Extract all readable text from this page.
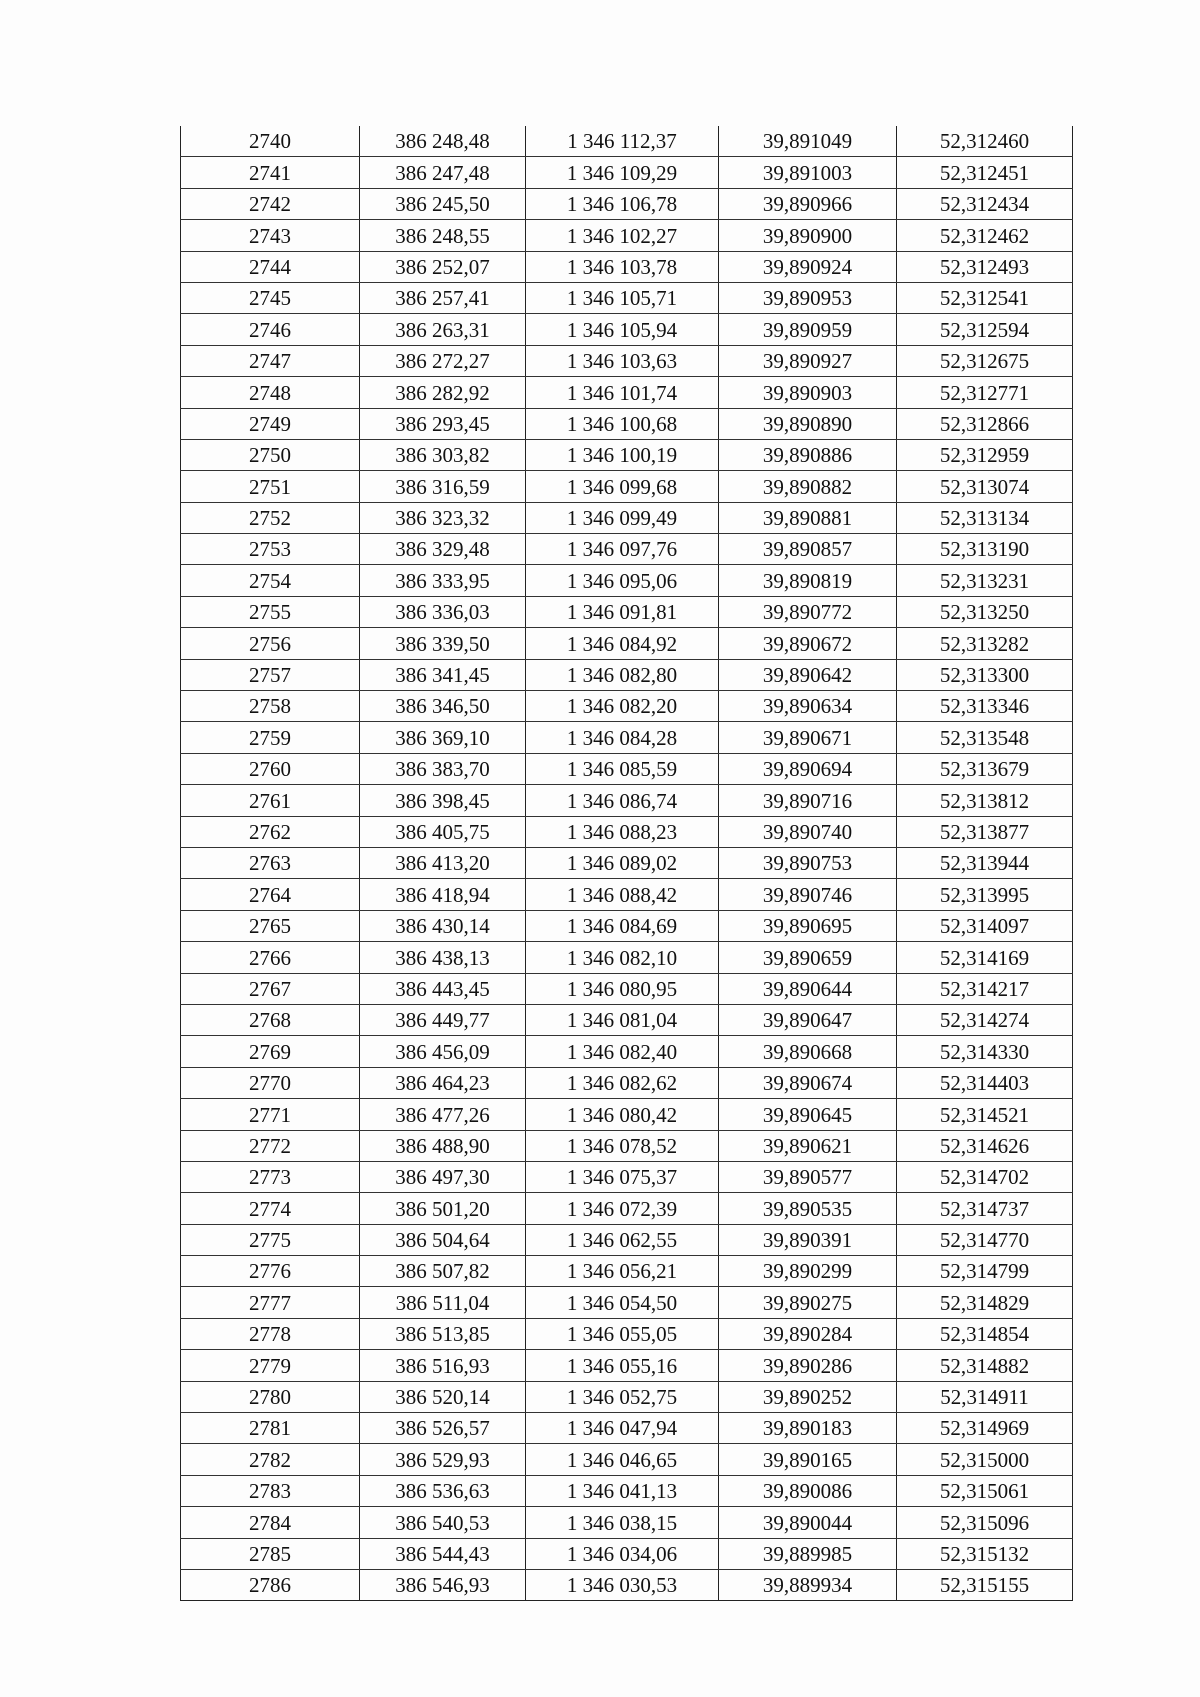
2740	386 248,48	1 346 112,37	39,891049	52,312460
2741	386 247,48	1 346 109,29	39,891003	52,312451
2742	386 245,50	1 346 106,78	39,890966	52,312434
2743	386 248,55	1 346 102,27	39,890900	52,312462
2744	386 252,07	1 346 103,78	39,890924	52,312493
2745	386 257,41	1 346 105,71	39,890953	52,312541
2746	386 263,31	1 346 105,94	39,890959	52,312594
2747	386 272,27	1 346 103,63	39,890927	52,312675
2748	386 282,92	1 346 101,74	39,890903	52,312771
2749	386 293,45	1 346 100,68	39,890890	52,312866
2750	386 303,82	1 346 100,19	39,890886	52,312959
2751	386 316,59	1 346 099,68	39,890882	52,313074
2752	386 323,32	1 346 099,49	39,890881	52,313134
2753	386 329,48	1 346 097,76	39,890857	52,313190
2754	386 333,95	1 346 095,06	39,890819	52,313231
2755	386 336,03	1 346 091,81	39,890772	52,313250
2756	386 339,50	1 346 084,92	39,890672	52,313282
2757	386 341,45	1 346 082,80	39,890642	52,313300
2758	386 346,50	1 346 082,20	39,890634	52,313346
2759	386 369,10	1 346 084,28	39,890671	52,313548
2760	386 383,70	1 346 085,59	39,890694	52,313679
2761	386 398,45	1 346 086,74	39,890716	52,313812
2762	386 405,75	1 346 088,23	39,890740	52,313877
2763	386 413,20	1 346 089,02	39,890753	52,313944
2764	386 418,94	1 346 088,42	39,890746	52,313995
2765	386 430,14	1 346 084,69	39,890695	52,314097
2766	386 438,13	1 346 082,10	39,890659	52,314169
2767	386 443,45	1 346 080,95	39,890644	52,314217
2768	386 449,77	1 346 081,04	39,890647	52,314274
2769	386 456,09	1 346 082,40	39,890668	52,314330
2770	386 464,23	1 346 082,62	39,890674	52,314403
2771	386 477,26	1 346 080,42	39,890645	52,314521
2772	386 488,90	1 346 078,52	39,890621	52,314626
2773	386 497,30	1 346 075,37	39,890577	52,314702
2774	386 501,20	1 346 072,39	39,890535	52,314737
2775	386 504,64	1 346 062,55	39,890391	52,314770
2776	386 507,82	1 346 056,21	39,890299	52,314799
2777	386 511,04	1 346 054,50	39,890275	52,314829
2778	386 513,85	1 346 055,05	39,890284	52,314854
2779	386 516,93	1 346 055,16	39,890286	52,314882
2780	386 520,14	1 346 052,75	39,890252	52,314911
2781	386 526,57	1 346 047,94	39,890183	52,314969
2782	386 529,93	1 346 046,65	39,890165	52,315000
2783	386 536,63	1 346 041,13	39,890086	52,315061
2784	386 540,53	1 346 038,15	39,890044	52,315096
2785	386 544,43	1 346 034,06	39,889985	52,315132
2786	386 546,93	1 346 030,53	39,889934	52,315155
